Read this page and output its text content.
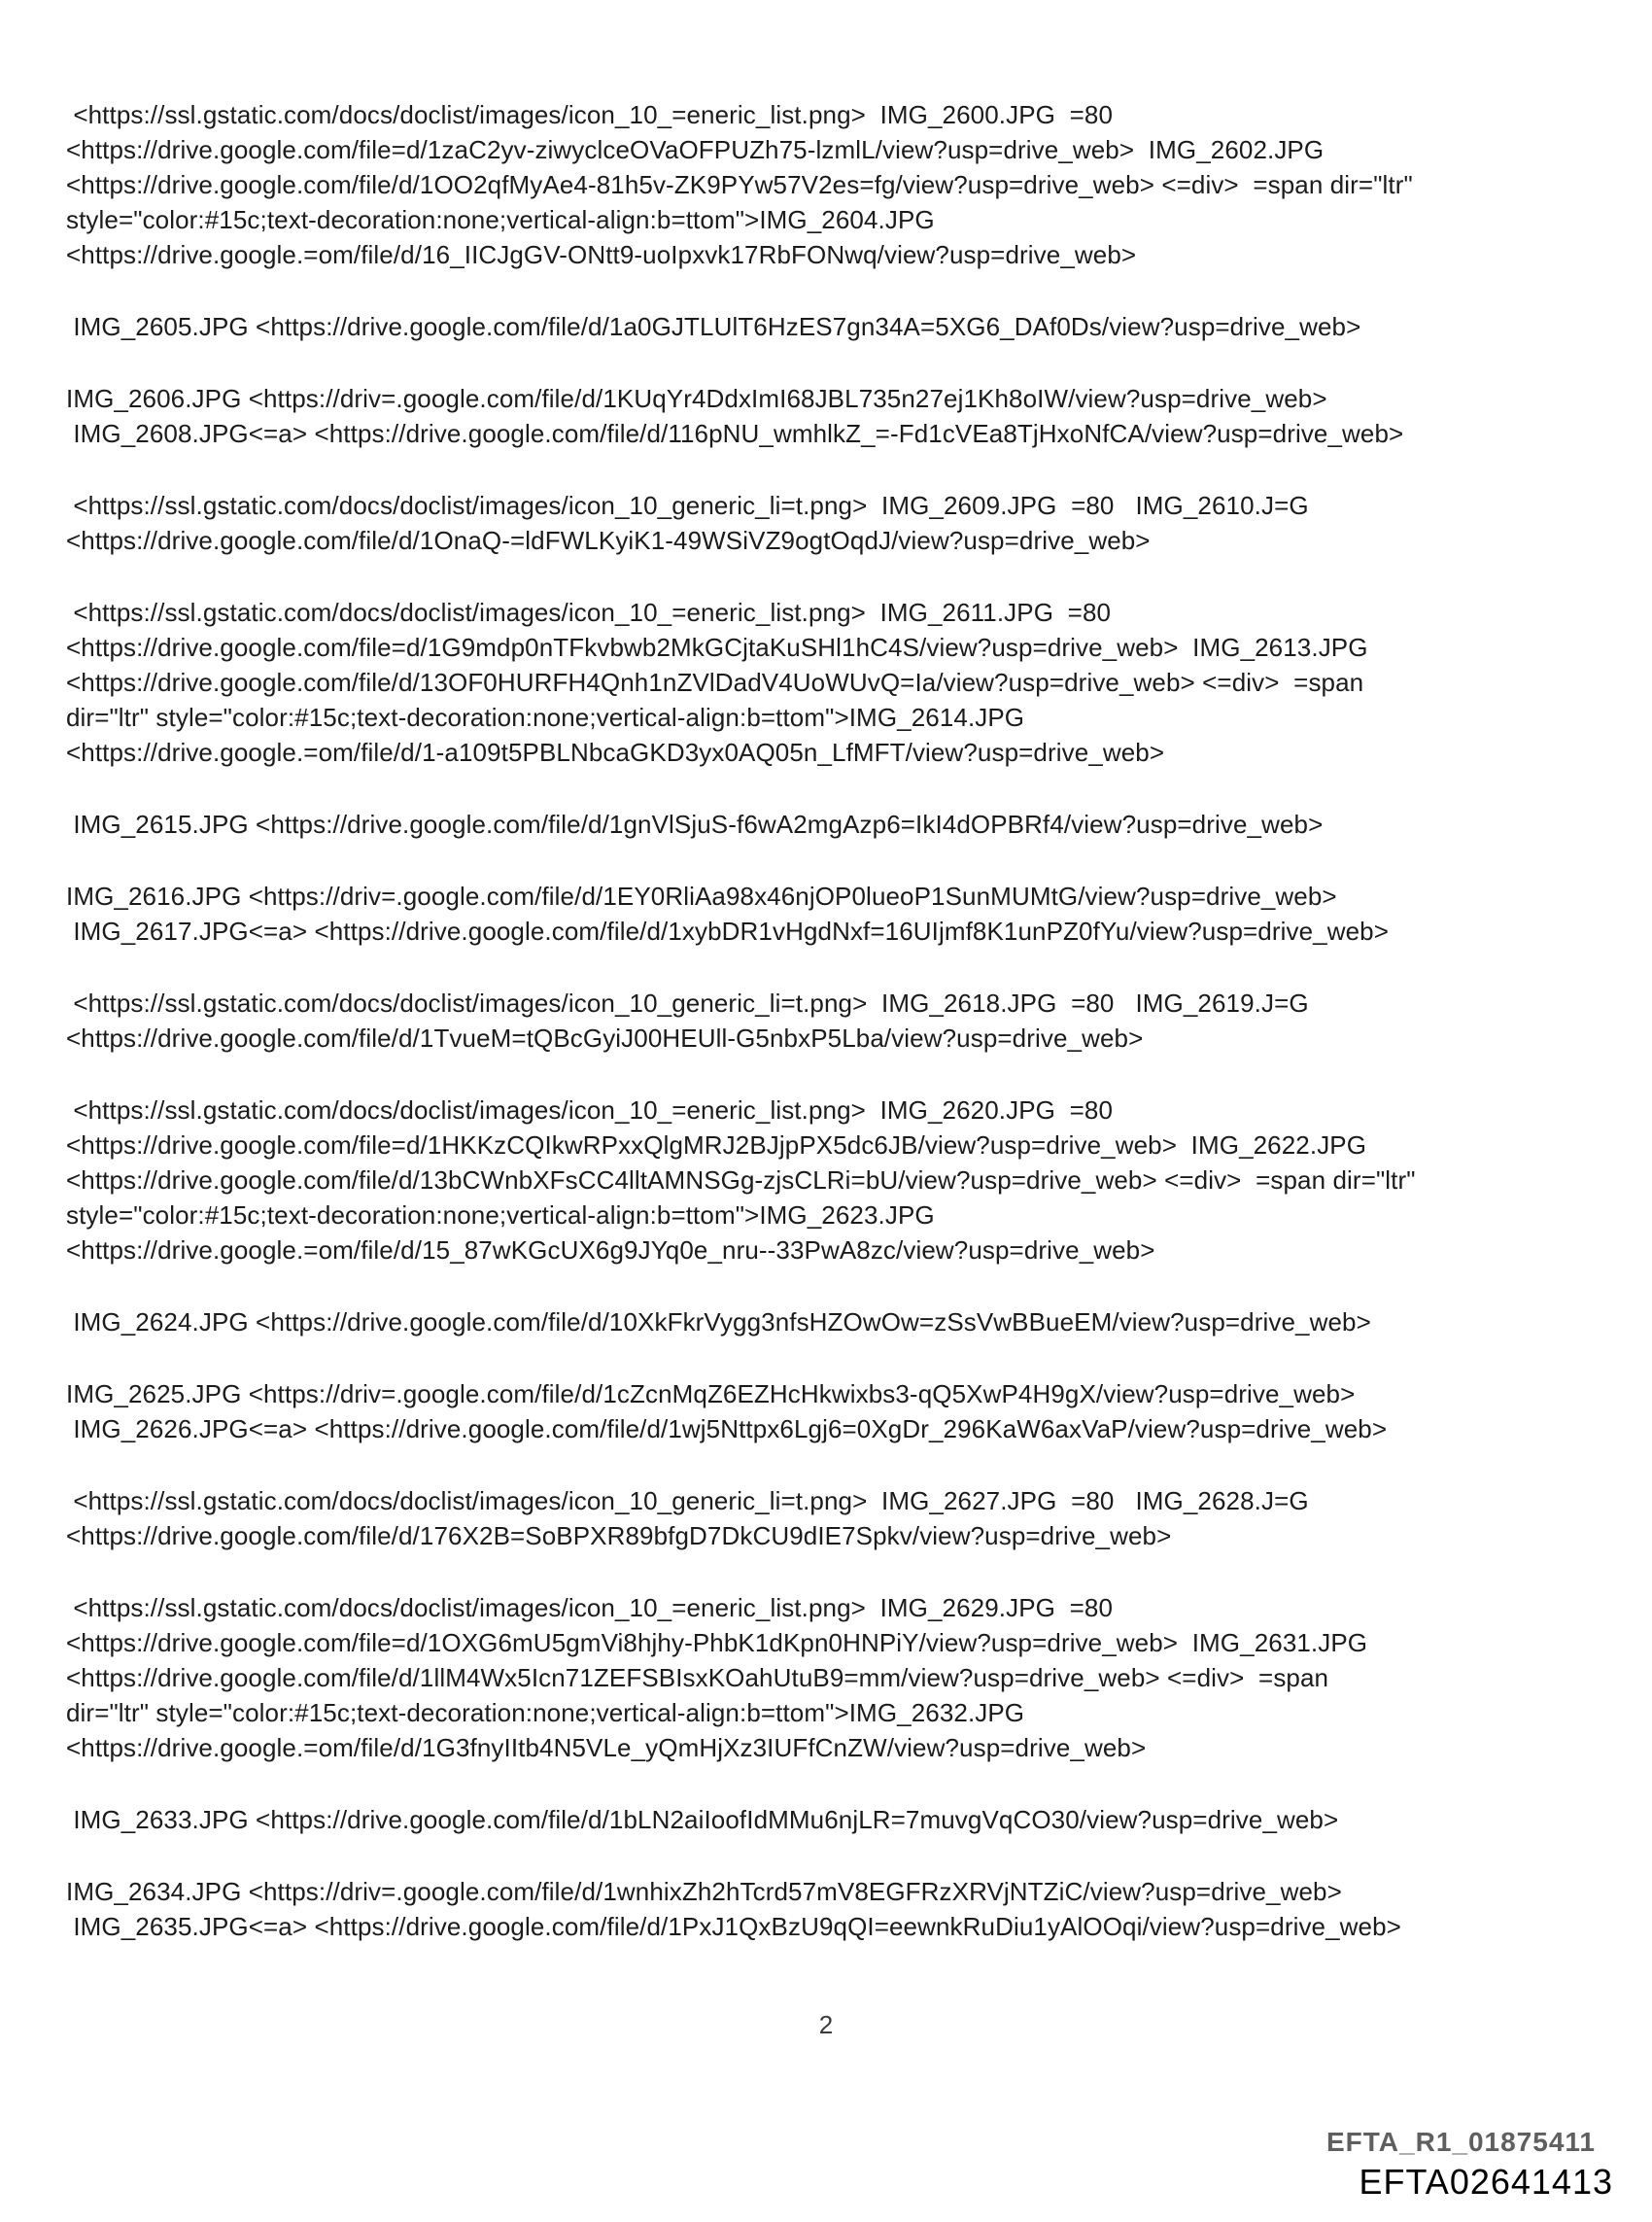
<https://ssl.gstatic.com/docs/doclist/images/icon_10_=eneric_list.png>  IMG_2600.JPG  =80
<https://drive.google.com/file=d/1zaC2yv-ziwyclceOVaOFPUZh75-lzmlL/view?usp=drive_web>  IMG_2602.JPG
<https://drive.google.com/file/d/1OO2qfMyAe4-81h5v-ZK9PYw57V2es=fg/view?usp=drive_web> <=div>  =span dir="ltr"
style="color:#15c;text-decoration:none;vertical-align:b=ttom">IMG_2604.JPG
<https://drive.google.=om/file/d/16_IICJgGV-ONtt9-uoIpxvk17RbFONwq/view?usp=drive_web>
IMG_2605.JPG <https://drive.google.com/file/d/1a0GJTLUlT6HzES7gn34A=5XG6_DAf0Ds/view?usp=drive_web>
IMG_2606.JPG <https://driv=.google.com/file/d/1KUqYr4DdxImI68JBL735n27ej1Kh8oIW/view?usp=drive_web>
IMG_2608.JPG<=a> <https://drive.google.com/file/d/116pNU_wmhlkZ_=-Fd1cVEa8TjHxoNfCA/view?usp=drive_web>
<https://ssl.gstatic.com/docs/doclist/images/icon_10_generic_li=t.png>  IMG_2609.JPG  =80   IMG_2610.J=G
<https://drive.google.com/file/d/1OnaQ-=ldFWLKyiK1-49WSiVZ9ogtOqdJ/view?usp=drive_web>
<https://ssl.gstatic.com/docs/doclist/images/icon_10_=eneric_list.png>  IMG_2611.JPG  =80
<https://drive.google.com/file=d/1G9mdp0nTFkvbwb2MkGCjtaKuSHl1hC4S/view?usp=drive_web>  IMG_2613.JPG
<https://drive.google.com/file/d/13OF0HURFH4Qnh1nZVlDadV4UoWUvQ=Ia/view?usp=drive_web> <=div>  =span
dir="ltr" style="color:#15c;text-decoration:none;vertical-align:b=ttom">IMG_2614.JPG
<https://drive.google.=om/file/d/1-a109t5PBLNbcaGKD3yx0AQ05n_LfMFT/view?usp=drive_web>
IMG_2615.JPG <https://drive.google.com/file/d/1gnVlSjuS-f6wA2mgAzp6=IkI4dOPBRf4/view?usp=drive_web>
IMG_2616.JPG <https://driv=.google.com/file/d/1EY0RliAa98x46njOP0lueoP1SunMUMtG/view?usp=drive_web>
IMG_2617.JPG<=a> <https://drive.google.com/file/d/1xybDR1vHgdNxf=16UIjmf8K1unPZ0fYu/view?usp=drive_web>
<https://ssl.gstatic.com/docs/doclist/images/icon_10_generic_li=t.png>  IMG_2618.JPG  =80   IMG_2619.J=G
<https://drive.google.com/file/d/1TvueM=tQBcGyiJ00HEUll-G5nbxP5Lba/view?usp=drive_web>
<https://ssl.gstatic.com/docs/doclist/images/icon_10_=eneric_list.png>  IMG_2620.JPG  =80
<https://drive.google.com/file=d/1HKKzCQIkwRPxxQlgMRJ2BJjpPX5dc6JB/view?usp=drive_web>  IMG_2622.JPG
<https://drive.google.com/file/d/13bCWnbXFsCC4lltAMNSGg-zjsCLRi=bU/view?usp=drive_web> <=div>  =span dir="ltr"
style="color:#15c;text-decoration:none;vertical-align:b=ttom">IMG_2623.JPG
<https://drive.google.=om/file/d/15_87wKGcUX6g9JYq0e_nru--33PwA8zc/view?usp=drive_web>
IMG_2624.JPG <https://drive.google.com/file/d/10XkFkrVygg3nfsHZOwOw=zSsVwBBueEM/view?usp=drive_web>
IMG_2625.JPG <https://driv=.google.com/file/d/1cZcnMqZ6EZHcHkwixbs3-qQ5XwP4H9gX/view?usp=drive_web>
IMG_2626.JPG<=a> <https://drive.google.com/file/d/1wj5Nttpx6Lgj6=0XgDr_296KaW6axVaP/view?usp=drive_web>
<https://ssl.gstatic.com/docs/doclist/images/icon_10_generic_li=t.png>  IMG_2627.JPG  =80   IMG_2628.J=G
<https://drive.google.com/file/d/176X2B=SoBPXR89bfgD7DkCU9dIE7Spkv/view?usp=drive_web>
<https://ssl.gstatic.com/docs/doclist/images/icon_10_=eneric_list.png>  IMG_2629.JPG  =80
<https://drive.google.com/file=d/1OXG6mU5gmVi8hjhy-PhbK1dKpn0HNPiY/view?usp=drive_web>  IMG_2631.JPG
<https://drive.google.com/file/d/1llM4Wx5Icn71ZEFSBIsxKOahUtuB9=mm/view?usp=drive_web> <=div>  =span
dir="ltr" style="color:#15c;text-decoration:none;vertical-align:b=ttom">IMG_2632.JPG
<https://drive.google.=om/file/d/1G3fnyIItb4N5VLe_yQmHjXz3IUFfCnZW/view?usp=drive_web>
IMG_2633.JPG <https://drive.google.com/file/d/1bLN2aiIoofIdMMu6njLR=7muvgVqCO30/view?usp=drive_web>
IMG_2634.JPG <https://driv=.google.com/file/d/1wnhixZh2hTcrd57mV8EGFRzXRVjNTZiC/view?usp=drive_web>
IMG_2635.JPG<=a> <https://drive.google.com/file/d/1PxJ1QxBzU9qQI=eewnkRuDiu1yAlOOqi/view?usp=drive_web>
2
EFTA_R1_01875411
EFTA02641413
